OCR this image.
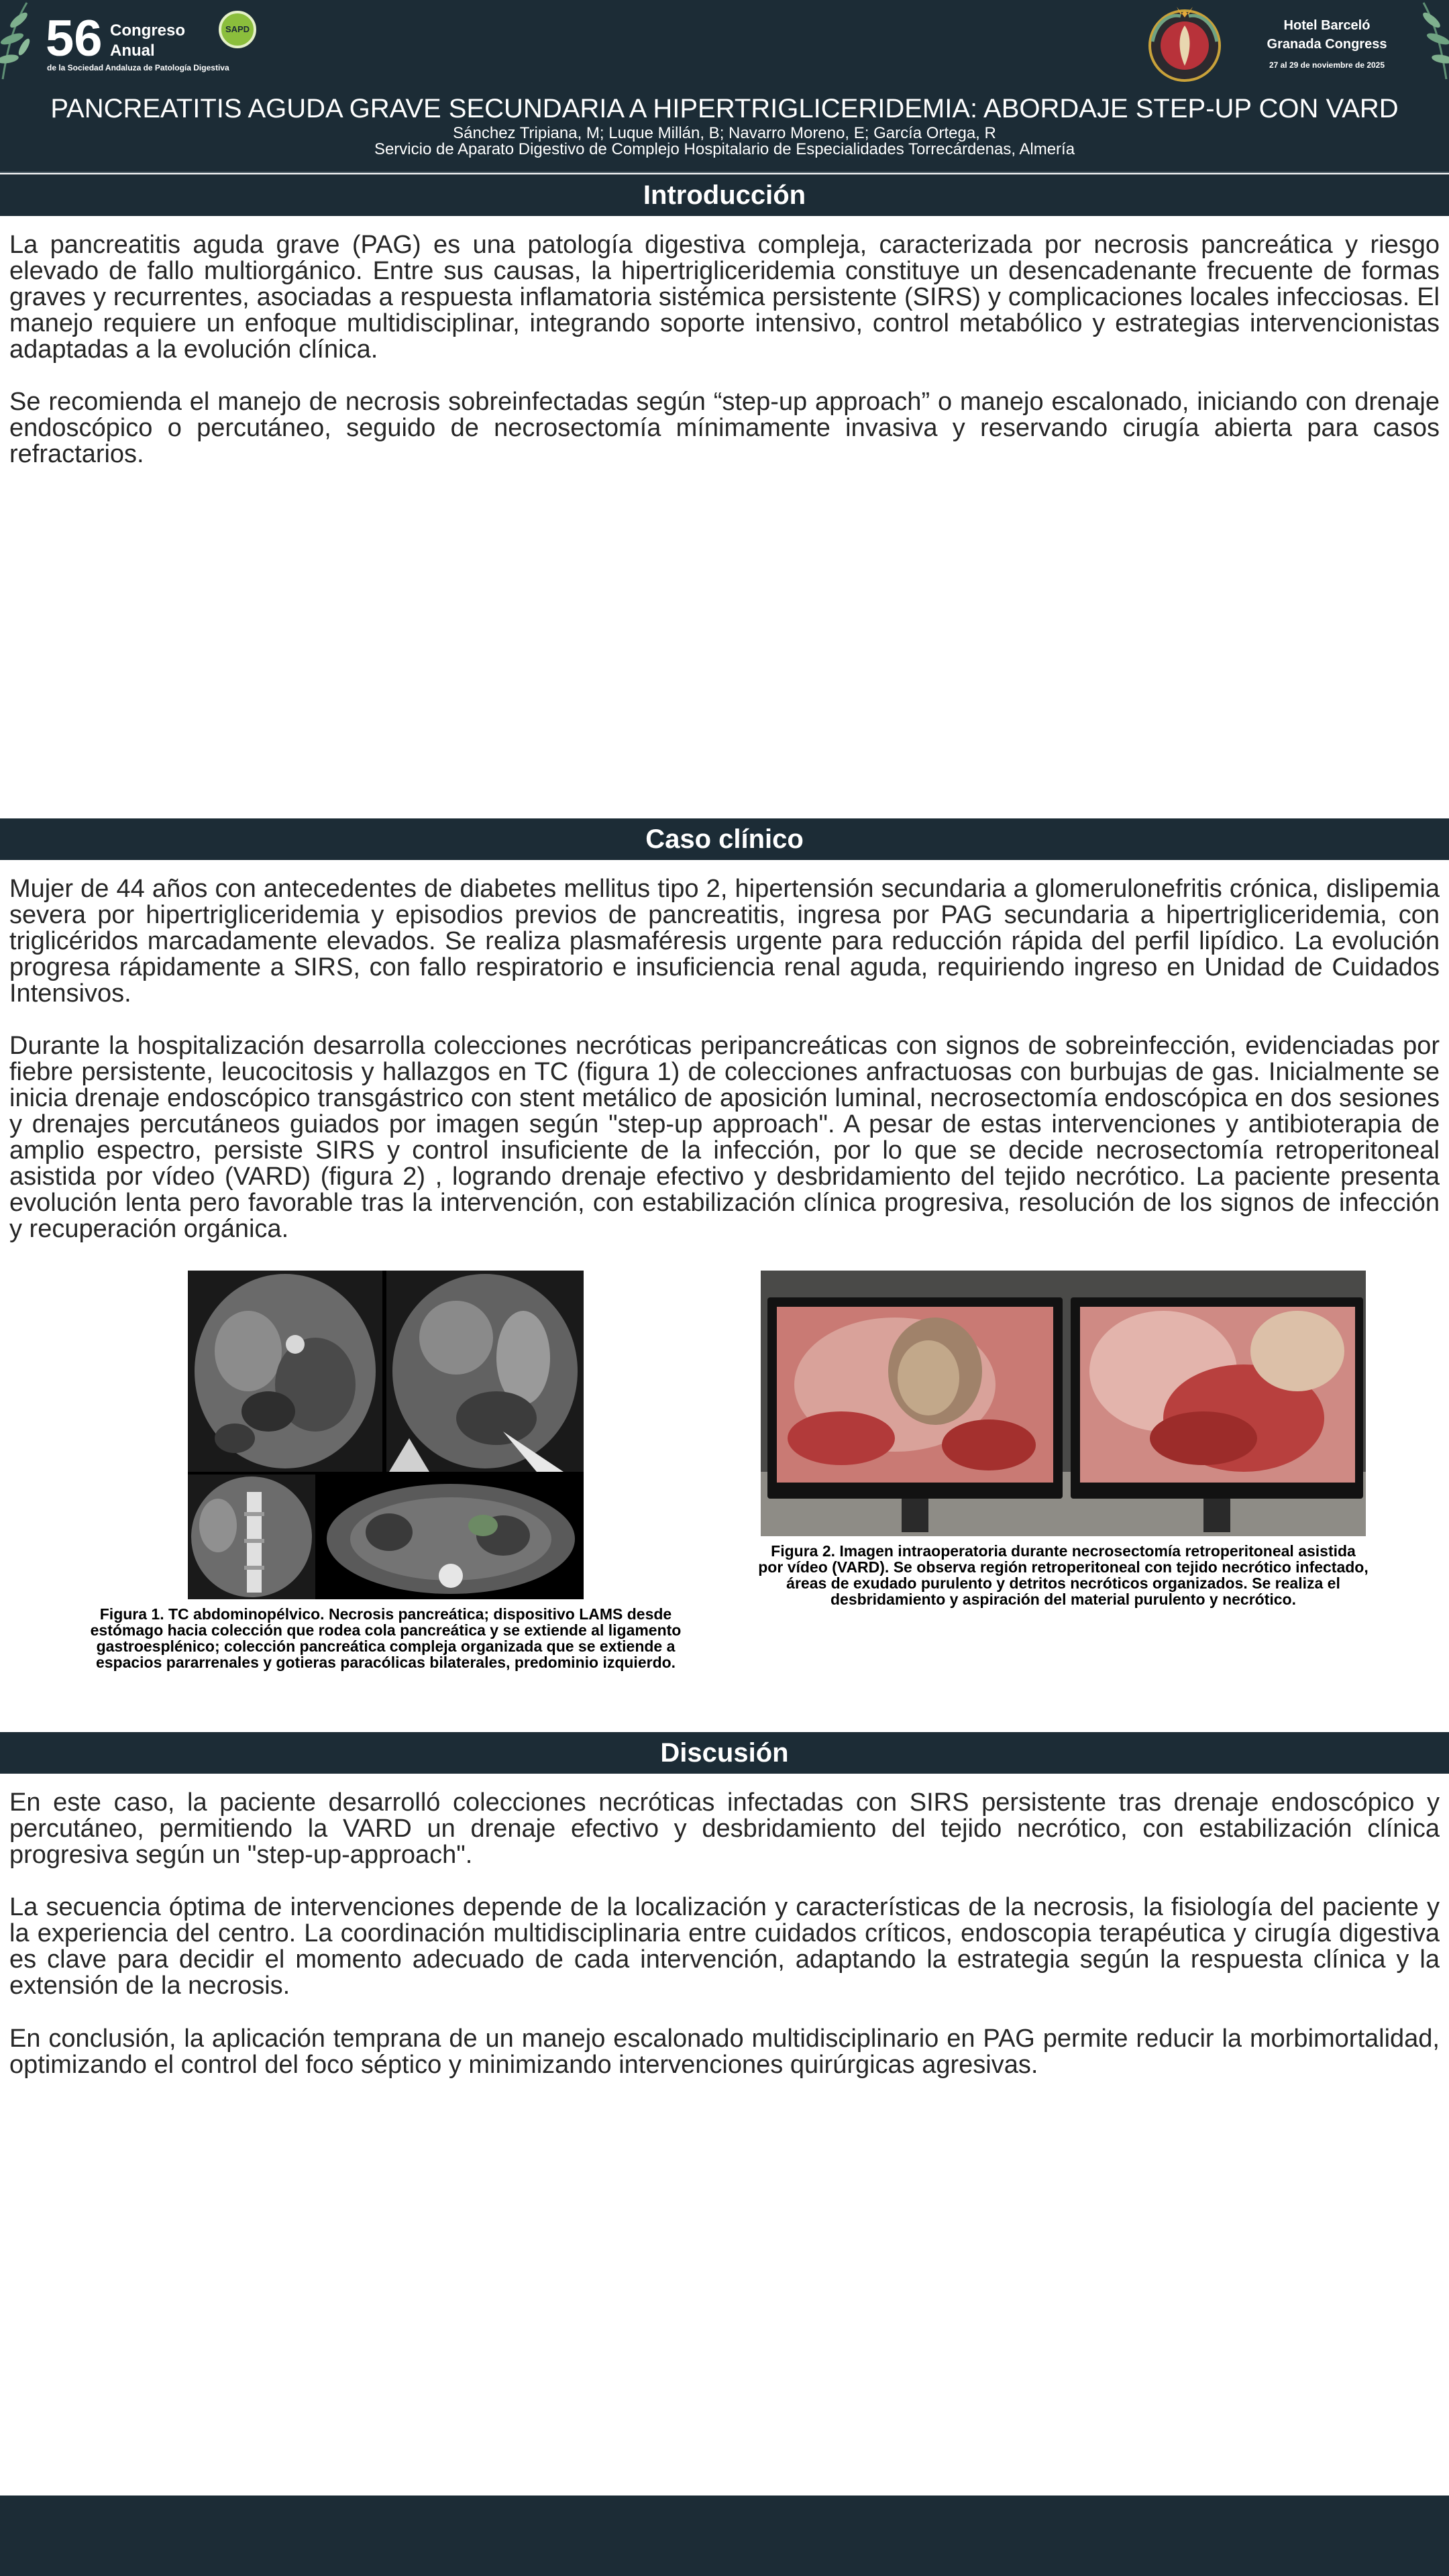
56 Congreso
Anual
de la Sociedad Andaluza de Patología Digestiva
SAPD	Hotel Barceló
Granada Congress
27 al 29 de noviembre de 2025
PANCREATITIS AGUDA GRAVE SECUNDARIA A HIPERTRIGLICERIDEMIA: ABORDAJE STEP-UP CON VARD
Sánchez Tripiana, M; Luque Millán, B; Navarro Moreno, E; García Ortega, R
Servicio de Aparato Digestivo de Complejo Hospitalario de Especialidades Torrecárdenas, Almería
Introducción

La pancreatitis aguda grave (PAG) es una patología digestiva compleja, caracterizada por necrosis pancreática y riesgo elevado de fallo multiorgánico. Entre sus causas, la hipertrigliceridemia constituye un desencadenante frecuente de formas graves y recurrentes, asociadas a respuesta inflamatoria sistémica persistente (SIRS) y complicaciones locales infecciosas. El manejo requiere un enfoque multidisciplinar, integrando soporte intensivo, control metabólico y estrategias intervencionistas adaptadas a la evolución clínica.

Se recomienda el manejo de necrosis sobreinfectadas según “step-up approach” o manejo escalonado, iniciando con drenaje endoscópico o percutáneo, seguido de necrosectomía mínimamente invasiva y reservando cirugía abierta para casos refractarios.

Caso clínico

Mujer de 44 años con antecedentes de diabetes mellitus tipo 2, hipertensión secundaria a glomerulonefritis crónica, dislipemia severa por hipertrigliceridemia y episodios previos de pancreatitis, ingresa por PAG secundaria a hipertrigliceridemia, con triglicéridos marcadamente elevados. Se realiza plasmaféresis urgente para reducción rápida del perfil lipídico. La evolución progresa rápidamente a SIRS, con fallo respiratorio e insuficiencia renal aguda, requiriendo ingreso en Unidad de Cuidados Intensivos.

Durante la hospitalización desarrolla colecciones necróticas peripancreáticas con signos de sobreinfección, evidenciadas por fiebre persistente, leucocitosis y hallazgos en TC (figura 1) de colecciones anfractuosas con burbujas de gas. Inicialmente se inicia drenaje endoscópico transgástrico con stent metálico de aposición luminal, necrosectomía endoscópica en dos sesiones y drenajes percutáneos guiados por imagen según "step-up approach". A pesar de estas intervenciones y antibioterapia de amplio espectro, persiste SIRS y control insuficiente de la infección, por lo que se decide necrosectomía retroperitoneal asistida por vídeo (VARD) (figura 2) , logrando drenaje efectivo y desbridamiento del tejido necrótico. La paciente presenta evolución lenta pero favorable tras la intervención, con estabilización clínica progresiva, resolución de los signos de infección y recuperación orgánica.

Figura 1. TC abdominopélvico. Necrosis pancreática; dispositivo LAMS desde estómago hacia colección que rodea cola pancreática y se extiende al ligamento gastroesplénico; colección pancreática compleja organizada que se extiende a espacios pararrenales y gotieras paracólicas bilaterales, predominio izquierdo.

Figura 2. Imagen intraoperatoria durante necrosectomía retroperitoneal asistida por vídeo (VARD). Se observa región retroperitoneal con tejido necrótico infectado, áreas de exudado purulento y detritos necróticos organizados. Se realiza el desbridamiento y aspiración del material purulento y necrótico.

Discusión

En este caso, la paciente desarrolló colecciones necróticas infectadas con SIRS persistente tras drenaje endoscópico y percutáneo, permitiendo la VARD un drenaje efectivo y desbridamiento del tejido necrótico, con estabilización clínica progresiva según un "step-up-approach".

La secuencia óptima de intervenciones depende de la localización y características de la necrosis, la fisiología del paciente y la experiencia del centro. La coordinación multidisciplinaria entre cuidados críticos, endoscopia terapéutica y cirugía digestiva es clave para decidir el momento adecuado de cada intervención, adaptando la estrategia según la respuesta clínica y la extensión de la necrosis.

En conclusión, la aplicación temprana de un manejo escalonado multidisciplinario en PAG permite reducir la morbimortalidad, optimizando el control del foco séptico y minimizando intervenciones quirúrgicas agresivas.
